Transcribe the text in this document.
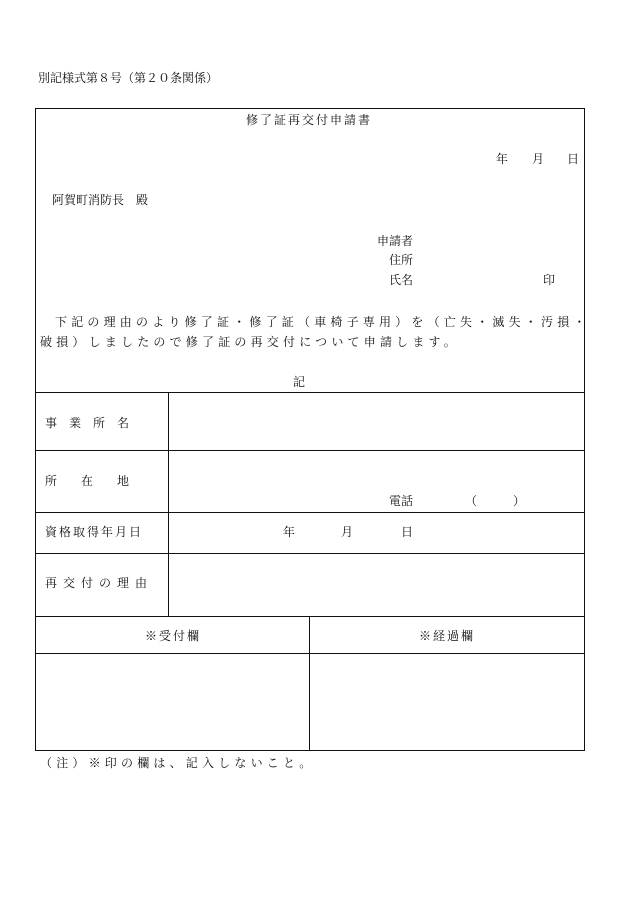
別記様式第８号（第２０条関係）
修了証再交付申請書
年 月 日
阿賀町消防長　殿
申請者
住所
氏名	印
下記の理由のより修了証・修了証（車椅子専用）を（亡失・滅失・汚損・
破損）しましたので修了証の再交付について申請します。
記
事　業　所　名
所　　在　　地
電話	（　　　）
資格取得年月日	年	月	日
再交付の理由
※受付欄	※経過欄
（注）※印の欄は、記入しないこと。
